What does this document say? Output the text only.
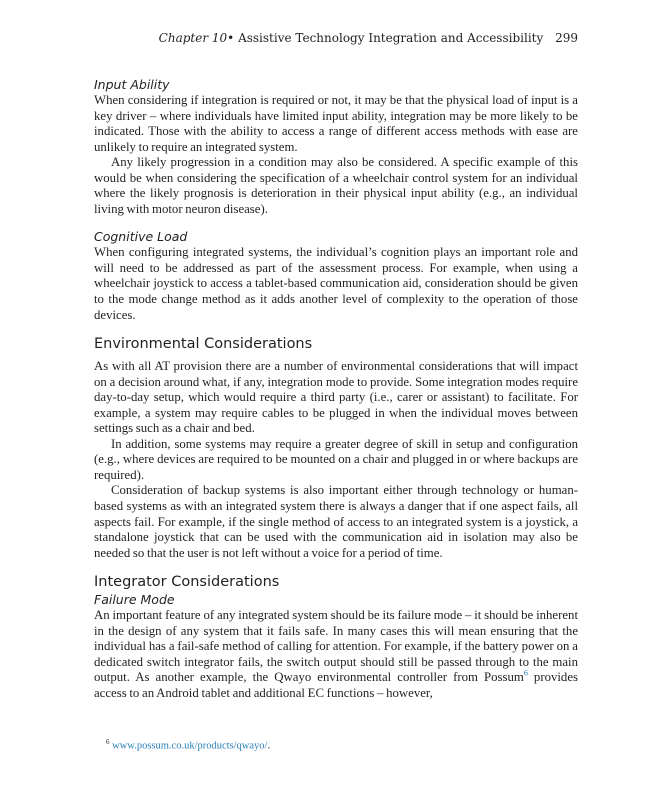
Chapter 10• Assistive Technology Integration and Accessibility 299
Input Ability

When considering if integration is required or not, it may be that the physical load of input is a key driver – where individuals have limited input ability, integration may be more likely to be indicated. Those with the ability to access a range of different access methods with ease are unlikely to require an integrated system.

Any likely progression in a condition may also be considered. A specific example of this would be when considering the specification of a wheelchair control system for an individual where the likely prognosis is deterioration in their physical input ability (e.g., an individual living with motor neuron disease).

Cognitive Load

When configuring integrated systems, the individual’s cognition plays an important role and will need to be addressed as part of the assessment process. For example, when using a wheelchair joystick to access a tablet-based communication aid, consideration should be given to the mode change method as it adds another level of complexity to the operation of those devices.

Environmental Considerations

As with all AT provision there are a number of environmental considerations that will impact on a decision around what, if any, integration mode to provide. Some integration modes require day-to-day setup, which would require a third party (i.e., carer or assistant) to facilitate. For example, a system may require cables to be plugged in when the individual moves between settings such as a chair and bed.

In addition, some systems may require a greater degree of skill in setup and configuration (e.g., where devices are required to be mounted on a chair and plugged in or where backups are required).

Consideration of backup systems is also important either through technology or human-based systems as with an integrated system there is always a danger that if one aspect fails, all aspects fail. For example, if the single method of access to an integrated system is a joystick, a standalone joystick that can be used with the communication aid in isolation may also be needed so that the user is not left without a voice for a period of time.

Integrator Considerations
Failure Mode

An important feature of any integrated system should be its failure mode – it should be inherent in the design of any system that it fails safe. In many cases this will mean ensuring that the individual has a fail-safe method of calling for attention. For example, if the battery power on a dedicated switch integrator fails, the switch output should still be passed through to the main output. As another example, the Qwayo environmental controller from Possum$^6$ provides access to an Android tablet and additional EC functions – however,

$^6$ www.possum.co.uk/products/qwayo/.
